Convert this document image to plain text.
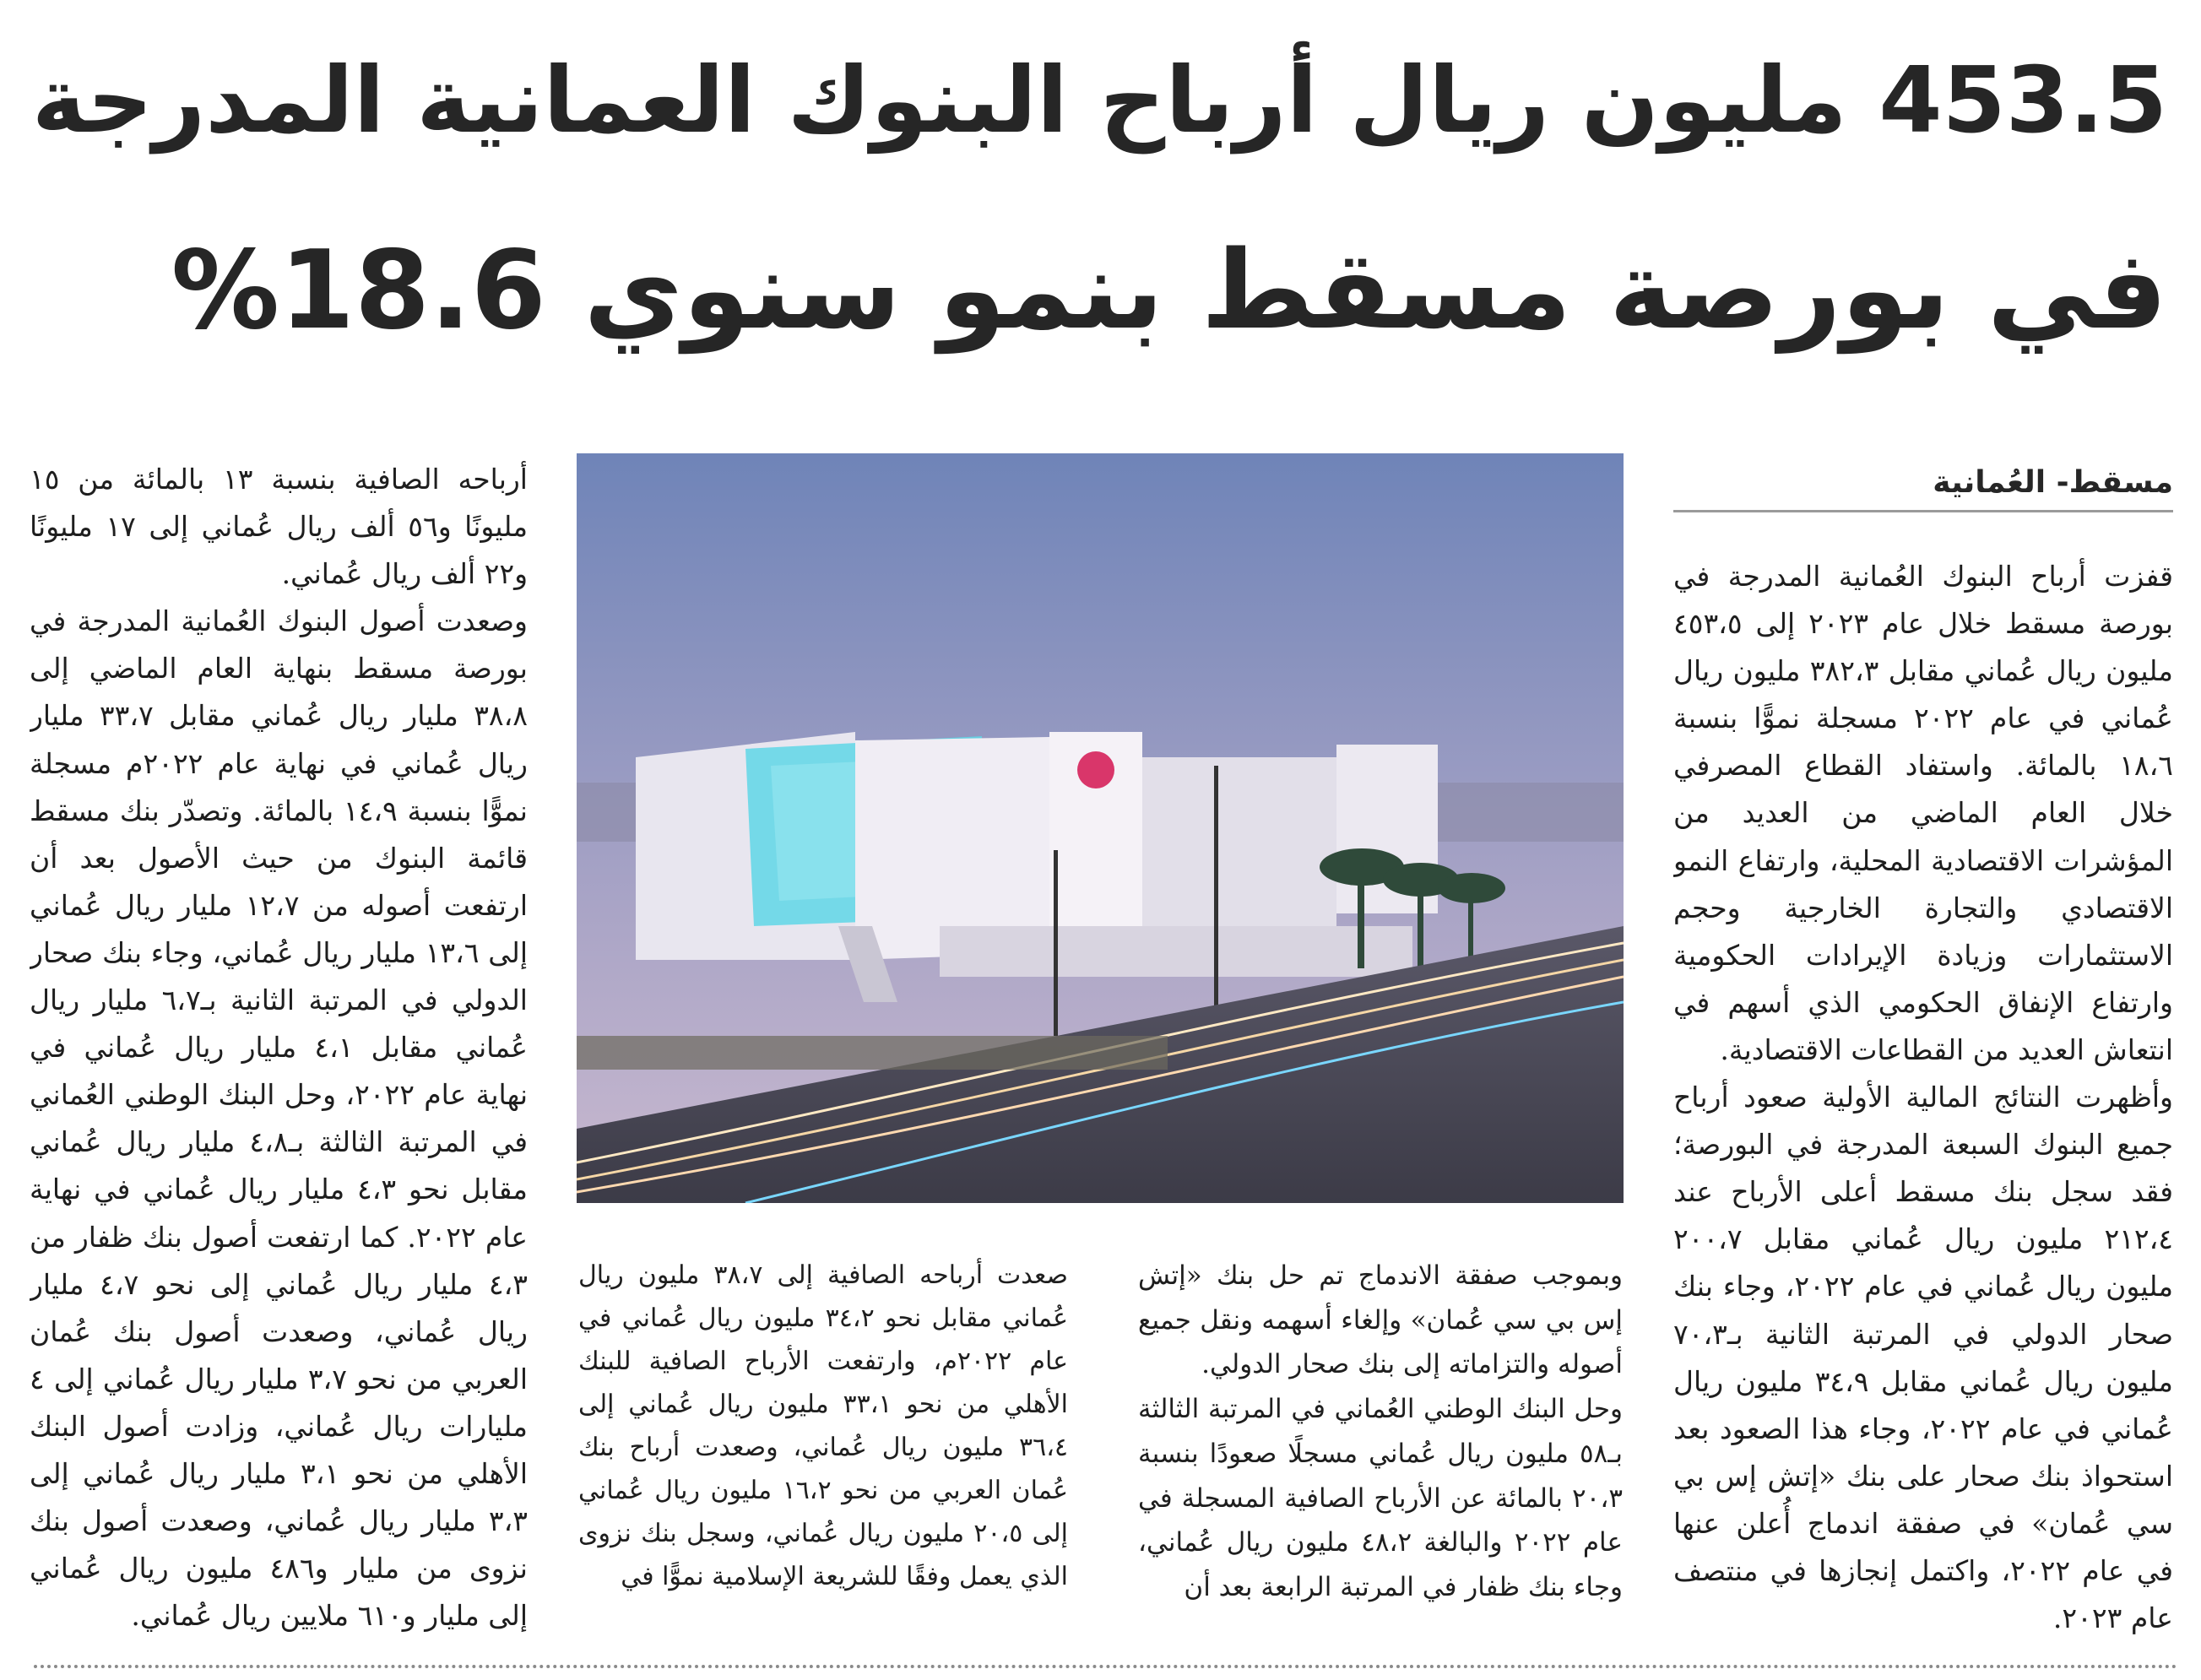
453.5 مليون ريال أرباح البنوك العمانية المدرجة
في بورصة مسقط بنمو سنوي 18.6%
مسقط- العُمانية

قفزت أرباح البنوك العُمانية المدرجة في بورصة مسقط خلال عام ٢٠٢٣ إلى ٤٥٣،٥ مليون ريال عُماني مقابل ٣٨٢،٣ مليون ريال عُماني في عام ٢٠٢٢ مسجلة نموًّا بنسبة ١٨،٦ بالمائة. واستفاد القطاع المصرفي خلال العام الماضي من العديد من المؤشرات الاقتصادية المحلية، وارتفاع النمو الاقتصادي والتجارة الخارجية وحجم الاستثمارات وزيادة الإيرادات الحكومية وارتفاع الإنفاق الحكومي الذي أسهم في انتعاش العديد من القطاعات الاقتصادية.

وأظهرت النتائج المالية الأولية صعود أرباح جميع البنوك السبعة المدرجة في البورصة؛ فقد سجل بنك مسقط أعلى الأرباح عند ٢١٢،٤ مليون ريال عُماني مقابل ٢٠٠،٧ مليون ريال عُماني في عام ٢٠٢٢، وجاء بنك صحار الدولي في المرتبة الثانية بـ٧٠،٣ مليون ريال عُماني مقابل ٣٤،٩ مليون ريال عُماني في عام ٢٠٢٢، وجاء هذا الصعود بعد استحواذ بنك صحار على بنك «إتش إس بي سي عُمان» في صفقة اندماج أُعلن عنها في عام ٢٠٢٢، واكتمل إنجازها في منتصف عام ٢٠٢٣.

وبموجب صفقة الاندماج تم حل بنك «إتش إس بي سي عُمان» وإلغاء أسهمه ونقل جميع أصوله والتزاماته إلى بنك صحار الدولي.

وحل البنك الوطني العُماني في المرتبة الثالثة بـ٥٨ مليون ريال عُماني مسجلًا صعودًا بنسبة ٢٠،٣ بالمائة عن الأرباح الصافية المسجلة في عام ٢٠٢٢ والبالغة ٤٨،٢ مليون ريال عُماني، وجاء بنك ظفار في المرتبة الرابعة بعد أن

صعدت أرباحه الصافية إلى ٣٨،٧ مليون ريال عُماني مقابل نحو ٣٤،٢ مليون ريال عُماني في عام ٢٠٢٢م، وارتفعت الأرباح الصافية للبنك الأهلي من نحو ٣٣،١ مليون ريال عُماني إلى ٣٦،٤ مليون ريال عُماني، وصعدت أرباح بنك عُمان العربي من نحو ١٦،٢ مليون ريال عُماني إلى ٢٠،٥ مليون ريال عُماني، وسجل بنك نزوى الذي يعمل وفقًا للشريعة الإسلامية نموًّا في

أرباحه الصافية بنسبة ١٣ بالمائة من ١٥ مليونًا و٥٦ ألف ريال عُماني إلى ١٧ مليونًا و٢٢ ألف ريال عُماني.

وصعدت أصول البنوك العُمانية المدرجة في بورصة مسقط بنهاية العام الماضي إلى ٣٨،٨ مليار ريال عُماني مقابل ٣٣،٧ مليار ريال عُماني في نهاية عام ٢٠٢٢م مسجلة نموًّا بنسبة ١٤،٩ بالمائة. وتصدّر بنك مسقط قائمة البنوك من حيث الأصول بعد أن ارتفعت أصوله من ١٢،٧ مليار ريال عُماني إلى ١٣،٦ مليار ريال عُماني، وجاء بنك صحار الدولي في المرتبة الثانية بـ٦،٧ مليار ريال عُماني مقابل ٤،١ مليار ريال عُماني في نهاية عام ٢٠٢٢، وحل البنك الوطني العُماني في المرتبة الثالثة بـ٤،٨ مليار ريال عُماني مقابل نحو ٤،٣ مليار ريال عُماني في نهاية عام ٢٠٢٢. كما ارتفعت أصول بنك ظفار من ٤،٣ مليار ريال عُماني إلى نحو ٤،٧ مليار ريال عُماني، وصعدت أصول بنك عُمان العربي من نحو ٣،٧ مليار ريال عُماني إلى ٤ مليارات ريال عُماني، وزادت أصول البنك الأهلي من نحو ٣،١ مليار ريال عُماني إلى ٣،٣ مليار ريال عُماني، وصعدت أصول بنك نزوى من مليار و٤٨٦ مليون ريال عُماني إلى مليار و٦١٠ ملايين ريال عُماني.
